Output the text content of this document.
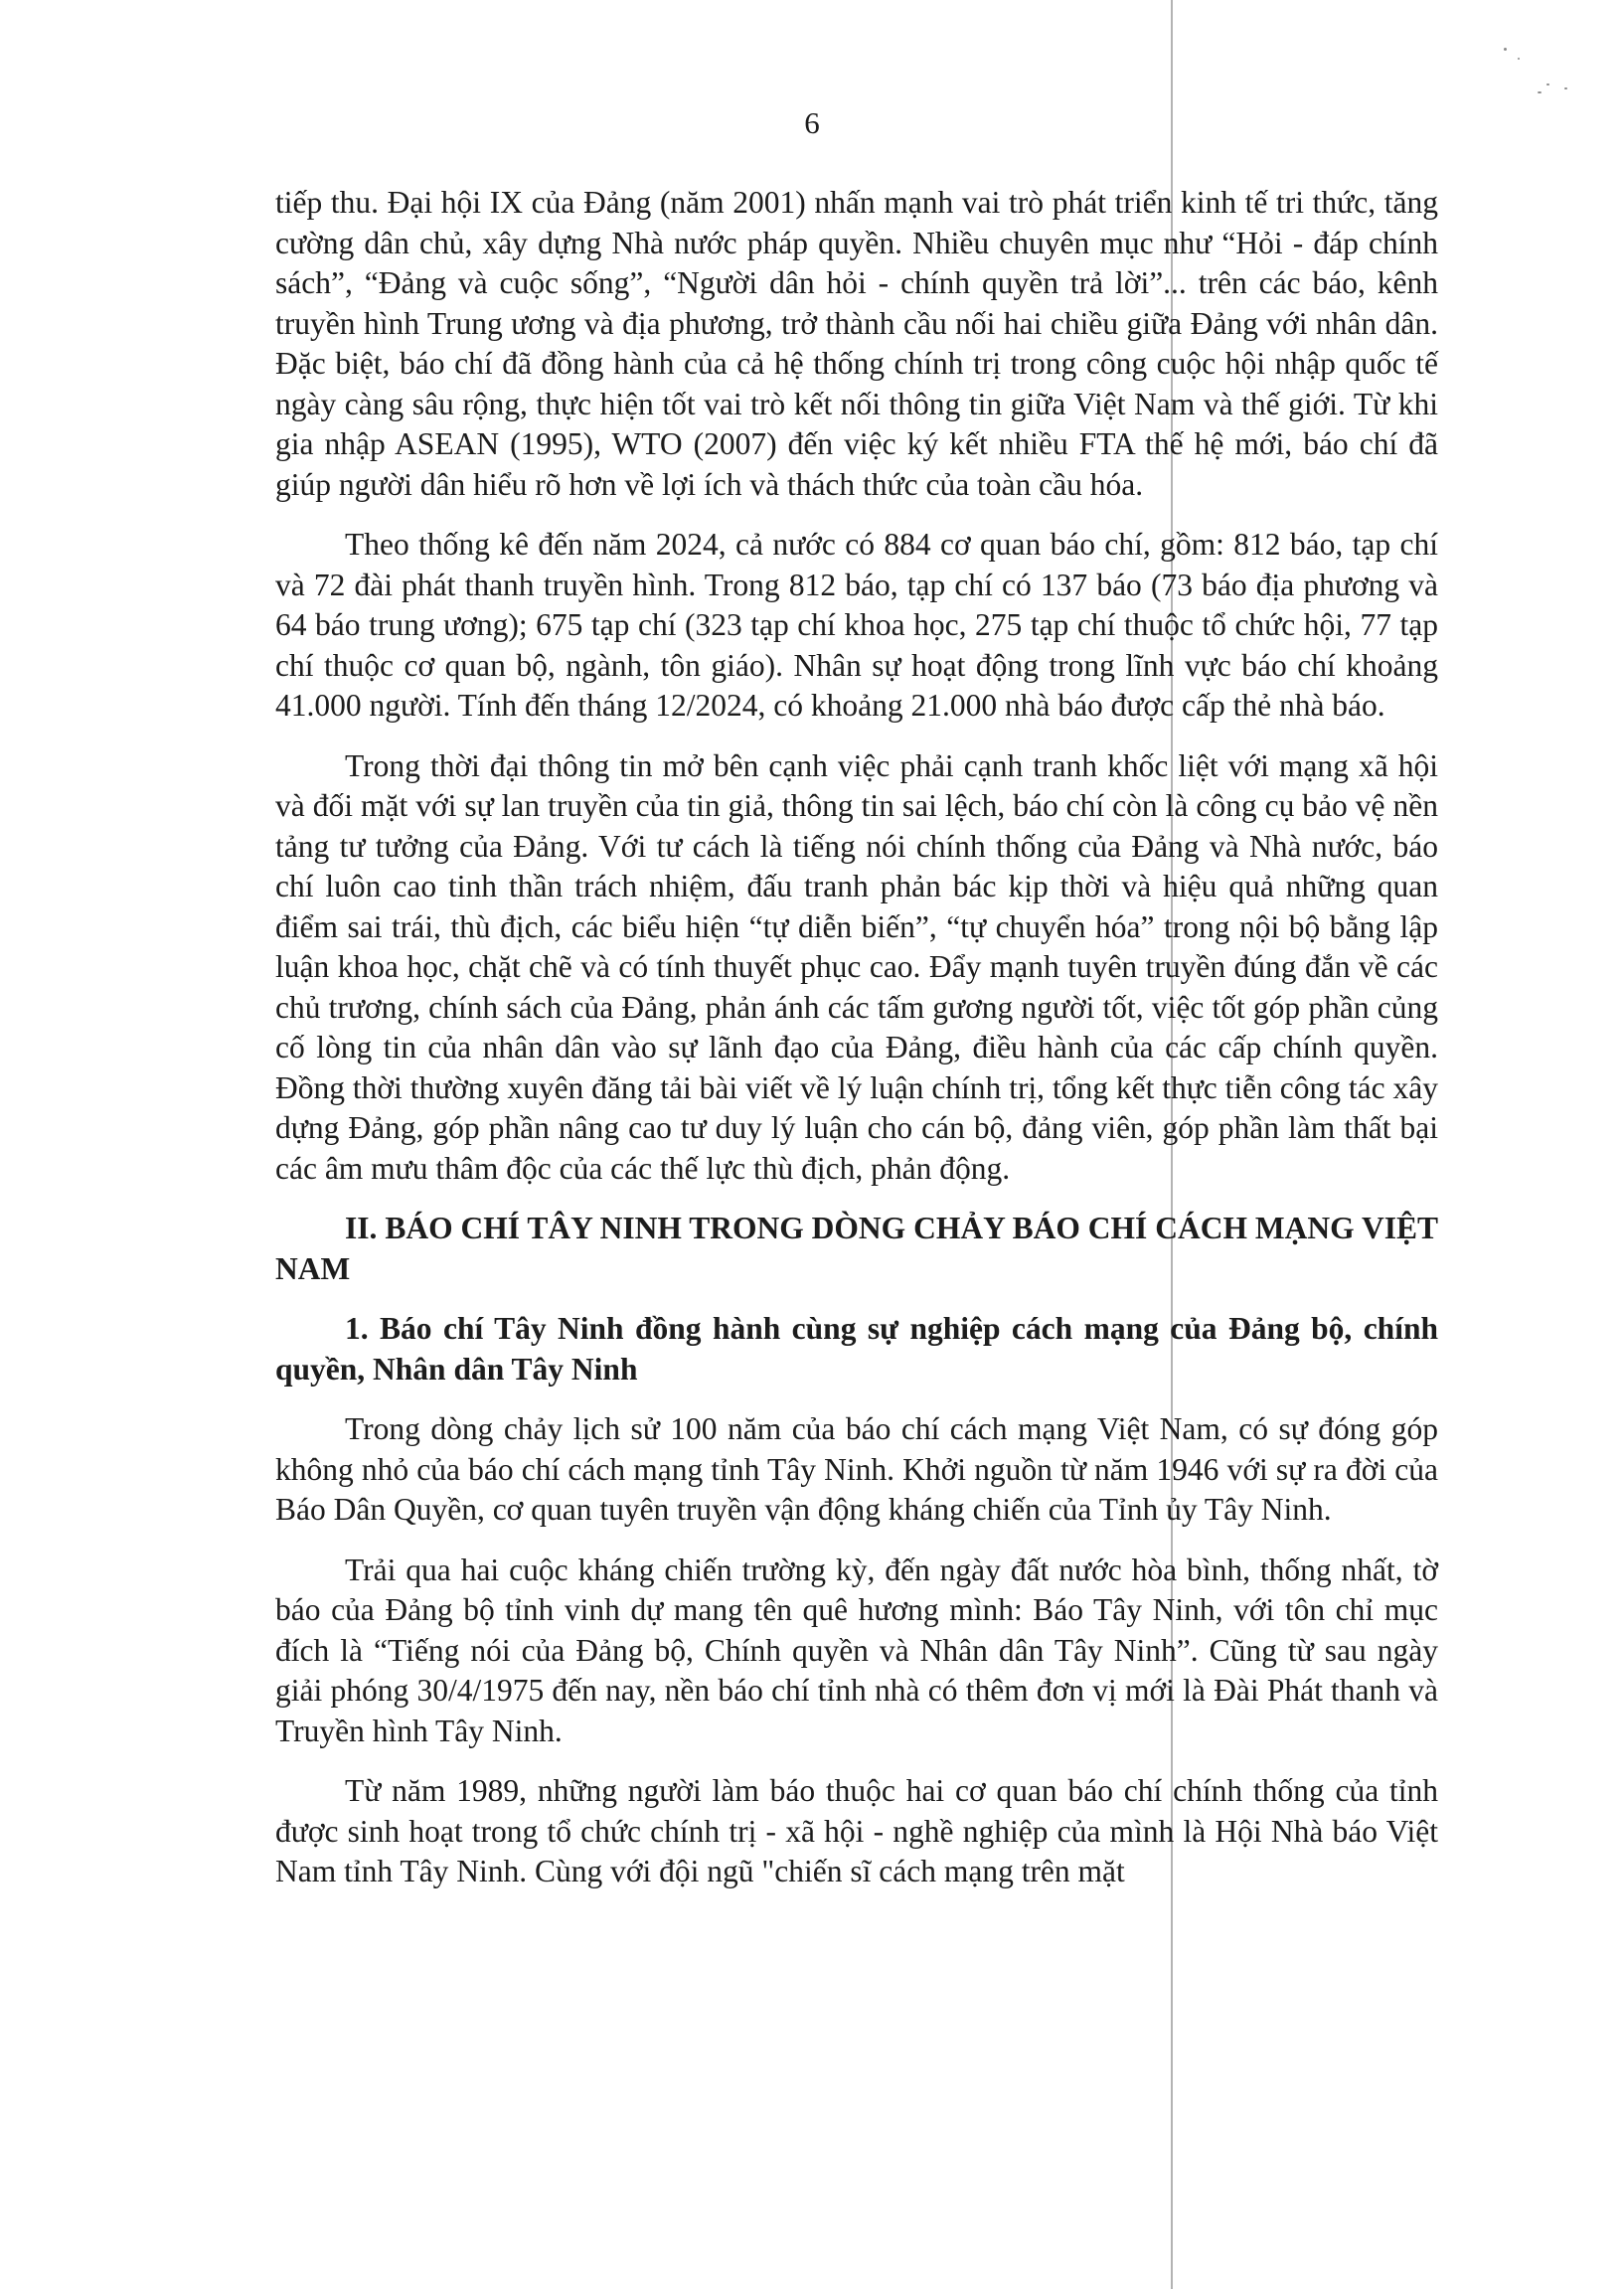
6

tiếp thu. Đại hội IX của Đảng (năm 2001) nhấn mạnh vai trò phát triển kinh tế tri thức, tăng cường dân chủ, xây dựng Nhà nước pháp quyền. Nhiều chuyên mục như “Hỏi - đáp chính sách”, “Đảng và cuộc sống”, “Người dân hỏi - chính quyền trả lời”... trên các báo, kênh truyền hình Trung ương và địa phương, trở thành cầu nối hai chiều giữa Đảng với nhân dân. Đặc biệt, báo chí đã đồng hành của cả hệ thống chính trị trong công cuộc hội nhập quốc tế ngày càng sâu rộng, thực hiện tốt vai trò kết nối thông tin giữa Việt Nam và thế giới. Từ khi gia nhập ASEAN (1995), WTO (2007) đến việc ký kết nhiều FTA thế hệ mới, báo chí đã giúp người dân hiểu rõ hơn về lợi ích và thách thức của toàn cầu hóa.

Theo thống kê đến năm 2024, cả nước có 884 cơ quan báo chí, gồm: 812 báo, tạp chí và 72 đài phát thanh truyền hình. Trong 812 báo, tạp chí có 137 báo (73 báo địa phương và 64 báo trung ương); 675 tạp chí (323 tạp chí khoa học, 275 tạp chí thuộc tổ chức hội, 77 tạp chí thuộc cơ quan bộ, ngành, tôn giáo). Nhân sự hoạt động trong lĩnh vực báo chí khoảng 41.000 người. Tính đến tháng 12/2024, có khoảng 21.000 nhà báo được cấp thẻ nhà báo.

Trong thời đại thông tin mở bên cạnh việc phải cạnh tranh khốc liệt với mạng xã hội và đối mặt với sự lan truyền của tin giả, thông tin sai lệch, báo chí còn là công cụ bảo vệ nền tảng tư tưởng của Đảng. Với tư cách là tiếng nói chính thống của Đảng và Nhà nước, báo chí luôn cao tinh thần trách nhiệm, đấu tranh phản bác kịp thời và hiệu quả những quan điểm sai trái, thù địch, các biểu hiện “tự diễn biến”, “tự chuyển hóa” trong nội bộ bằng lập luận khoa học, chặt chẽ và có tính thuyết phục cao. Đẩy mạnh tuyên truyền đúng đắn về các chủ trương, chính sách của Đảng, phản ánh các tấm gương người tốt, việc tốt góp phần củng cố lòng tin của nhân dân vào sự lãnh đạo của Đảng, điều hành của các cấp chính quyền. Đồng thời thường xuyên đăng tải bài viết về lý luận chính trị, tổng kết thực tiễn công tác xây dựng Đảng, góp phần nâng cao tư duy lý luận cho cán bộ, đảng viên, góp phần làm thất bại các âm mưu thâm độc của các thế lực thù địch, phản động.

II. BÁO CHÍ TÂY NINH TRONG DÒNG CHẢY BÁO CHÍ CÁCH MẠNG VIỆT NAM

1. Báo chí Tây Ninh đồng hành cùng sự nghiệp cách mạng của Đảng bộ, chính quyền, Nhân dân Tây Ninh

Trong dòng chảy lịch sử 100 năm của báo chí cách mạng Việt Nam, có sự đóng góp không nhỏ của báo chí cách mạng tỉnh Tây Ninh. Khởi nguồn từ năm 1946 với sự ra đời của Báo Dân Quyền, cơ quan tuyên truyền vận động kháng chiến của Tỉnh ủy Tây Ninh.

Trải qua hai cuộc kháng chiến trường kỳ, đến ngày đất nước hòa bình, thống nhất, tờ báo của Đảng bộ tỉnh vinh dự mang tên quê hương mình: Báo Tây Ninh, với tôn chỉ mục đích là “Tiếng nói của Đảng bộ, Chính quyền và Nhân dân Tây Ninh”. Cũng từ sau ngày giải phóng 30/4/1975 đến nay, nền báo chí tỉnh nhà có thêm đơn vị mới là Đài Phát thanh và Truyền hình Tây Ninh.

Từ năm 1989, những người làm báo thuộc hai cơ quan báo chí chính thống của tỉnh được sinh hoạt trong tổ chức chính trị - xã hội - nghề nghiệp của mình là Hội Nhà báo Việt Nam tỉnh Tây Ninh. Cùng với đội ngũ "chiến sĩ cách mạng trên mặt
